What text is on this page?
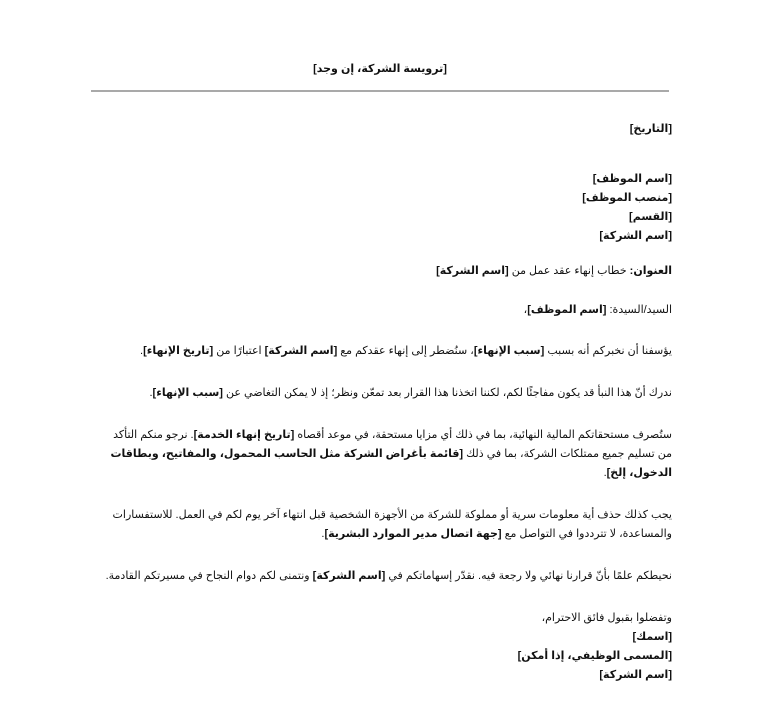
[ترويسة الشركة، إن وجد]

[التاريخ]

[اسم الموظف]

[منصب الموظف]

[القسم]

[اسم الشركة]

العنوان: خطاب إنهاء عقد عمل من [اسم الشركة]

السيد/السيدة: [اسم الموظف]،

يؤسفنا أن نخبركم أنه بسبب [سبب الإنهاء]، سنُضطر إلى إنهاء عقدكم مع [اسم الشركة] اعتبارًا من [تاريخ الإنهاء].

ندرك أنّ هذا النبأ قد يكون مفاجئًا لكم، لكننا اتخذنا هذا القرار بعد تمعّن ونظر؛ إذ لا يمكن التغاضي عن [سبب الإنهاء].

ستُصرف مستحقاتكم المالية النهائية، بما في ذلك أي مزايا مستحقة، في موعد أقصاه [تاريخ إنهاء الخدمة]. نرجو منكم التأكد من تسليم جميع ممتلكات الشركة، بما في ذلك [قائمة بأغراض الشركة مثل الحاسب المحمول، والمفاتيح، وبطاقات الدخول، إلخ].

يجب كذلك حذف أية معلومات سرية أو مملوكة للشركة من الأجهزة الشخصية قبل انتهاء آخر يوم لكم في العمل. للاستفسارات والمساعدة، لا تترددوا في التواصل مع [جهة اتصال مدير الموارد البشرية].

نحيطكم علمًا بأنّ قرارنا نهائي ولا رجعة فيه. نقدّر إسهاماتكم في [اسم الشركة] ونتمنى لكم دوام النجاح في مسيرتكم القادمة.

وتفضلوا بقبول فائق الاحترام،

[اسمك]

[المسمى الوظيفي، إذا أمكن]

[اسم الشركة]
